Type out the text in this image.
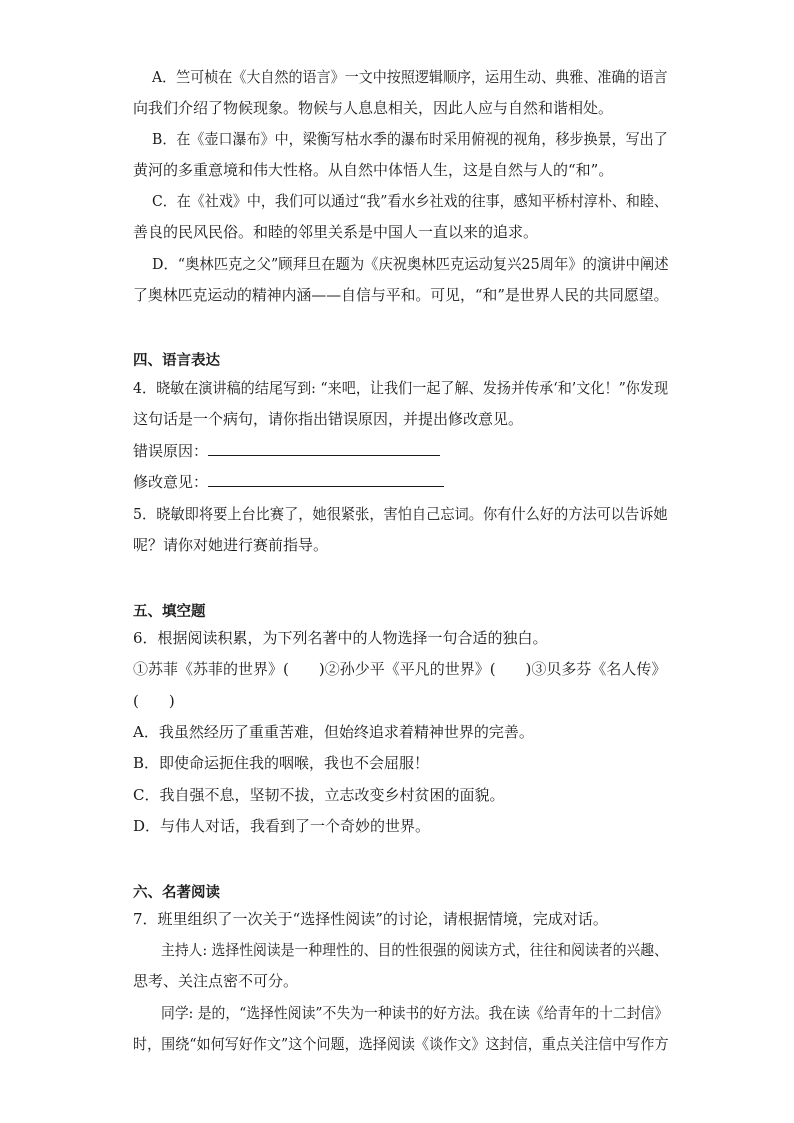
A．竺可桢在《大自然的语言》一文中按照逻辑顺序，运用生动、典雅、准确的语言
向我们介绍了物候现象。物候与人息息相关，因此人应与自然和谐相处。
B．在《壶口瀑布》中，梁衡写枯水季的瀑布时采用俯视的视角，移步换景，写出了
黄河的多重意境和伟大性格。从自然中体悟人生，这是自然与人的“和”。
C．在《社戏》中，我们可以通过“我”看水乡社戏的往事，感知平桥村淳朴、和睦、
善良的民风民俗。和睦的邻里关系是中国人一直以来的追求。
D．“奥林匹克之父”顾拜旦在题为《庆祝奥林匹克运动复兴25周年》的演讲中阐述
了奥林匹克运动的精神内涵——自信与平和。可见，“和”是世界人民的共同愿望。
四、语言表达
4．晓敏在演讲稿的结尾写到: “来吧，让我们一起了解、发扬并传承‘和’文化！”你发现
这句话是一个病句，请你指出错误原因，并提出修改意见。
错误原因：
修改意见：
5．晓敏即将要上台比赛了，她很紧张，害怕自己忘词。你有什么好的方法可以告诉她
呢？请你对她进行赛前指导。
五、填空题
6．根据阅读积累，为下列名著中的人物选择一句合适的独白。
①苏菲《苏菲的世界》(　　)②孙少平《平凡的世界》(　　)③贝多芬《名人传》
(　　)
A．我虽然经历了重重苦难，但始终追求着精神世界的完善。
B．即使命运扼住我的咽喉，我也不会屈服！
C．我自强不息，坚韧不拔，立志改变乡村贫困的面貌。
D．与伟人对话，我看到了一个奇妙的世界。
六、名著阅读
7．班里组织了一次关于“选择性阅读”的讨论，请根据情境，完成对话。
主持人: 选择性阅读是一种理性的、目的性很强的阅读方式，往往和阅读者的兴趣、
思考、关注点密不可分。
同学: 是的，“选择性阅读”不失为一种读书的好方法。我在读《给青年的十二封信》
时，围绕“如何写好作文”这个问题，选择阅读《谈作文》这封信，重点关注信中写作方
